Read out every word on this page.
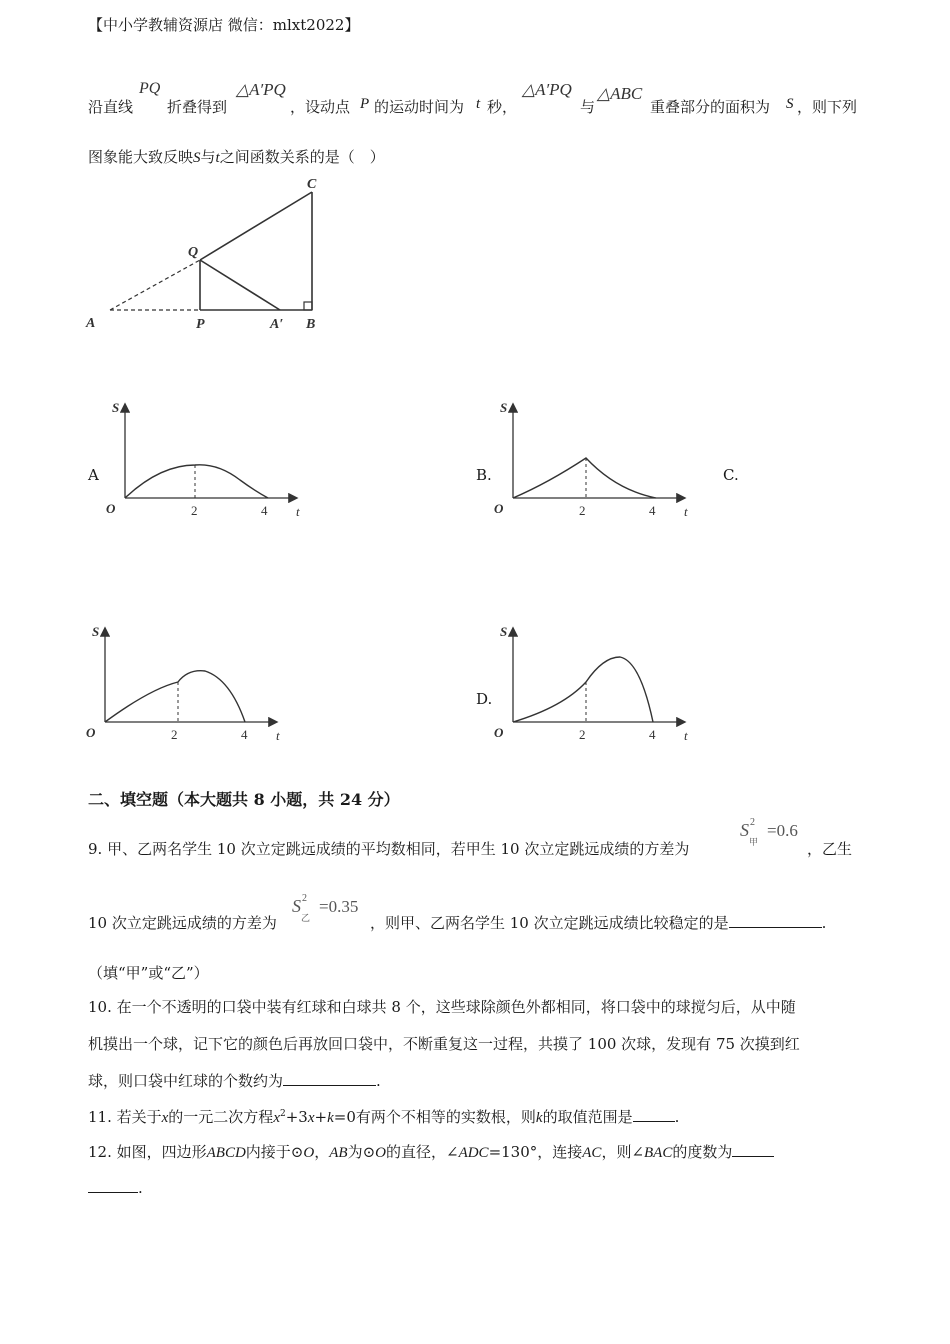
【中小学教辅资源店 微信：mlxt2022】
沿直线
PQ
折叠得到
△A′PQ
，设动点 P 的运动时间为 t 秒，
△A′PQ
与
△ABC
重叠部分的面积为 S ，则下列
图象能大致反映S与t之间函数关系的是（　）
C
Q
A	P	A′ B
A	B.	C.
D.
S
O	2	4 t
S
O	2	4 t
S
O	2	4 t
S
O	2	4 t
二、填空题（本大题共 8 小题，共 24 分）
9. 甲、乙两名学生 10 次立定跳远成绩的平均数相同，若甲生 10 次立定跳远成绩的方差为
S 2
甲
=0.6
，乙生
10 次立定跳远成绩的方差为
S 2
乙
=0.35
，则甲、乙两名学生 10 次立定跳远成绩比较稳定的是	.
（填“甲”或“乙”）
10. 在一个不透明的口袋中装有红球和白球共 8 个，这些球除颜色外都相同，将口袋中的球搅匀后，从中随
机摸出一个球，记下它的颜色后再放回口袋中，不断重复这一过程，共摸了 100 次球，发现有 75 次摸到红
球，则口袋中红球的个数约为	.
11. 若关于x的一元二次方程$x^2+3x+k=0$有两个不相等的实数根，则k的取值范围是	.
12. 如图，四边形ABCD内接于⊙O，AB为⊙O的直径，∠ADC=130°，连接AC，则∠BAC的度数为
.
